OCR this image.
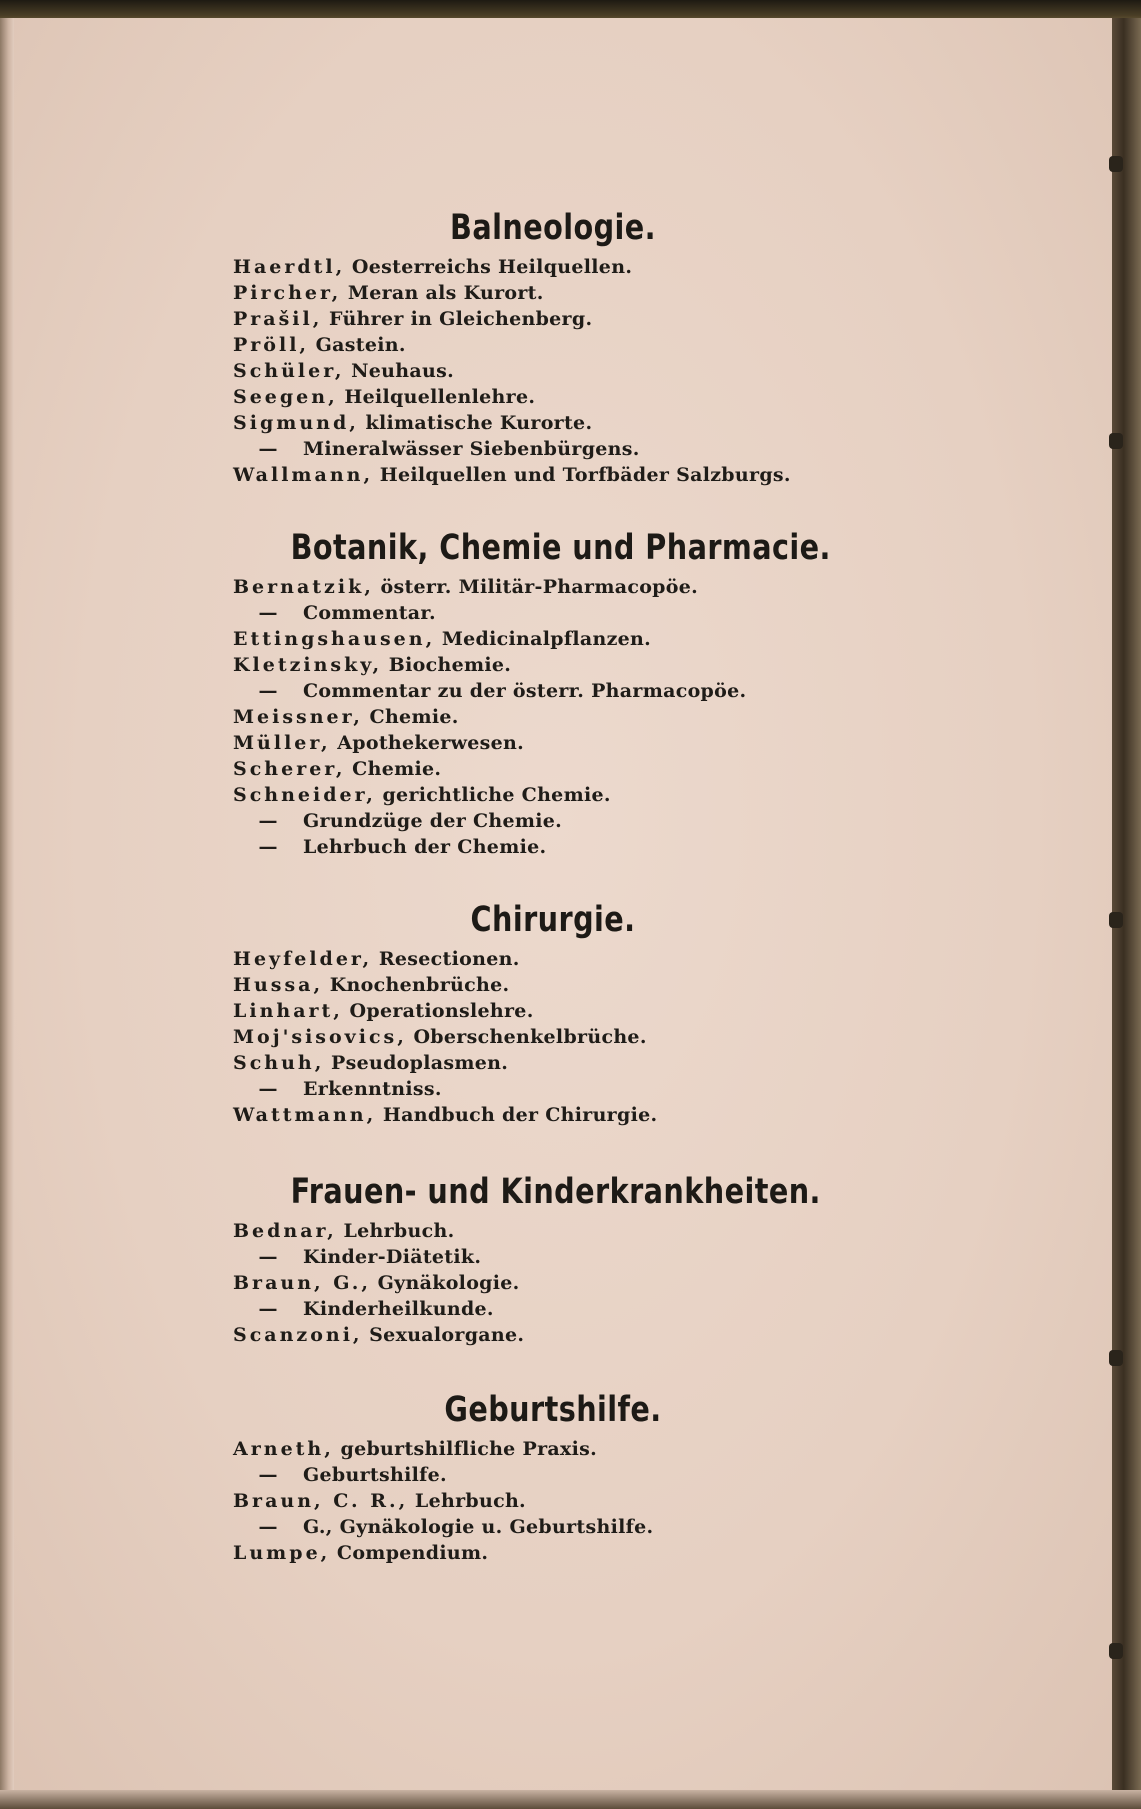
Balneologie.
Haerdtl, Oesterreichs Heilquellen.
Pircher, Meran als Kurort.
Prašil, Führer in Gleichenberg.
Pröll, Gastein.
Schüler, Neuhaus.
Seegen, Heilquellenlehre.
Sigmund, klimatische Kurorte.
— Mineralwässer Siebenbürgens.
Wallmann, Heilquellen und Torfbäder Salzburgs.
Botanik, Chemie und Pharmacie.
Bernatzik, österr. Militär-Pharmacopöe.
— Commentar.
Ettingshausen, Medicinalpflanzen.
Kletzinsky, Biochemie.
— Commentar zu der österr. Pharmacopöe.
Meissner, Chemie.
Müller, Apothekerwesen.
Scherer, Chemie.
Schneider, gerichtliche Chemie.
— Grundzüge der Chemie.
— Lehrbuch der Chemie.
Chirurgie.
Heyfelder, Resectionen.
Hussa, Knochenbrüche.
Linhart, Operationslehre.
Moj'sisovics, Oberschenkelbrüche.
Schuh, Pseudoplasmen.
— Erkenntniss.
Wattmann, Handbuch der Chirurgie.
Frauen- und Kinderkrankheiten.
Bednar, Lehrbuch.
— Kinder-Diätetik.
Braun, G., Gynäkologie.
— Kinderheilkunde.
Scanzoni, Sexualorgane.
Geburtshilfe.
Arneth, geburtshilfliche Praxis.
— Geburtshilfe.
Braun, C. R., Lehrbuch.
— G., Gynäkologie u. Geburtshilfe.
Lumpe, Compendium.
